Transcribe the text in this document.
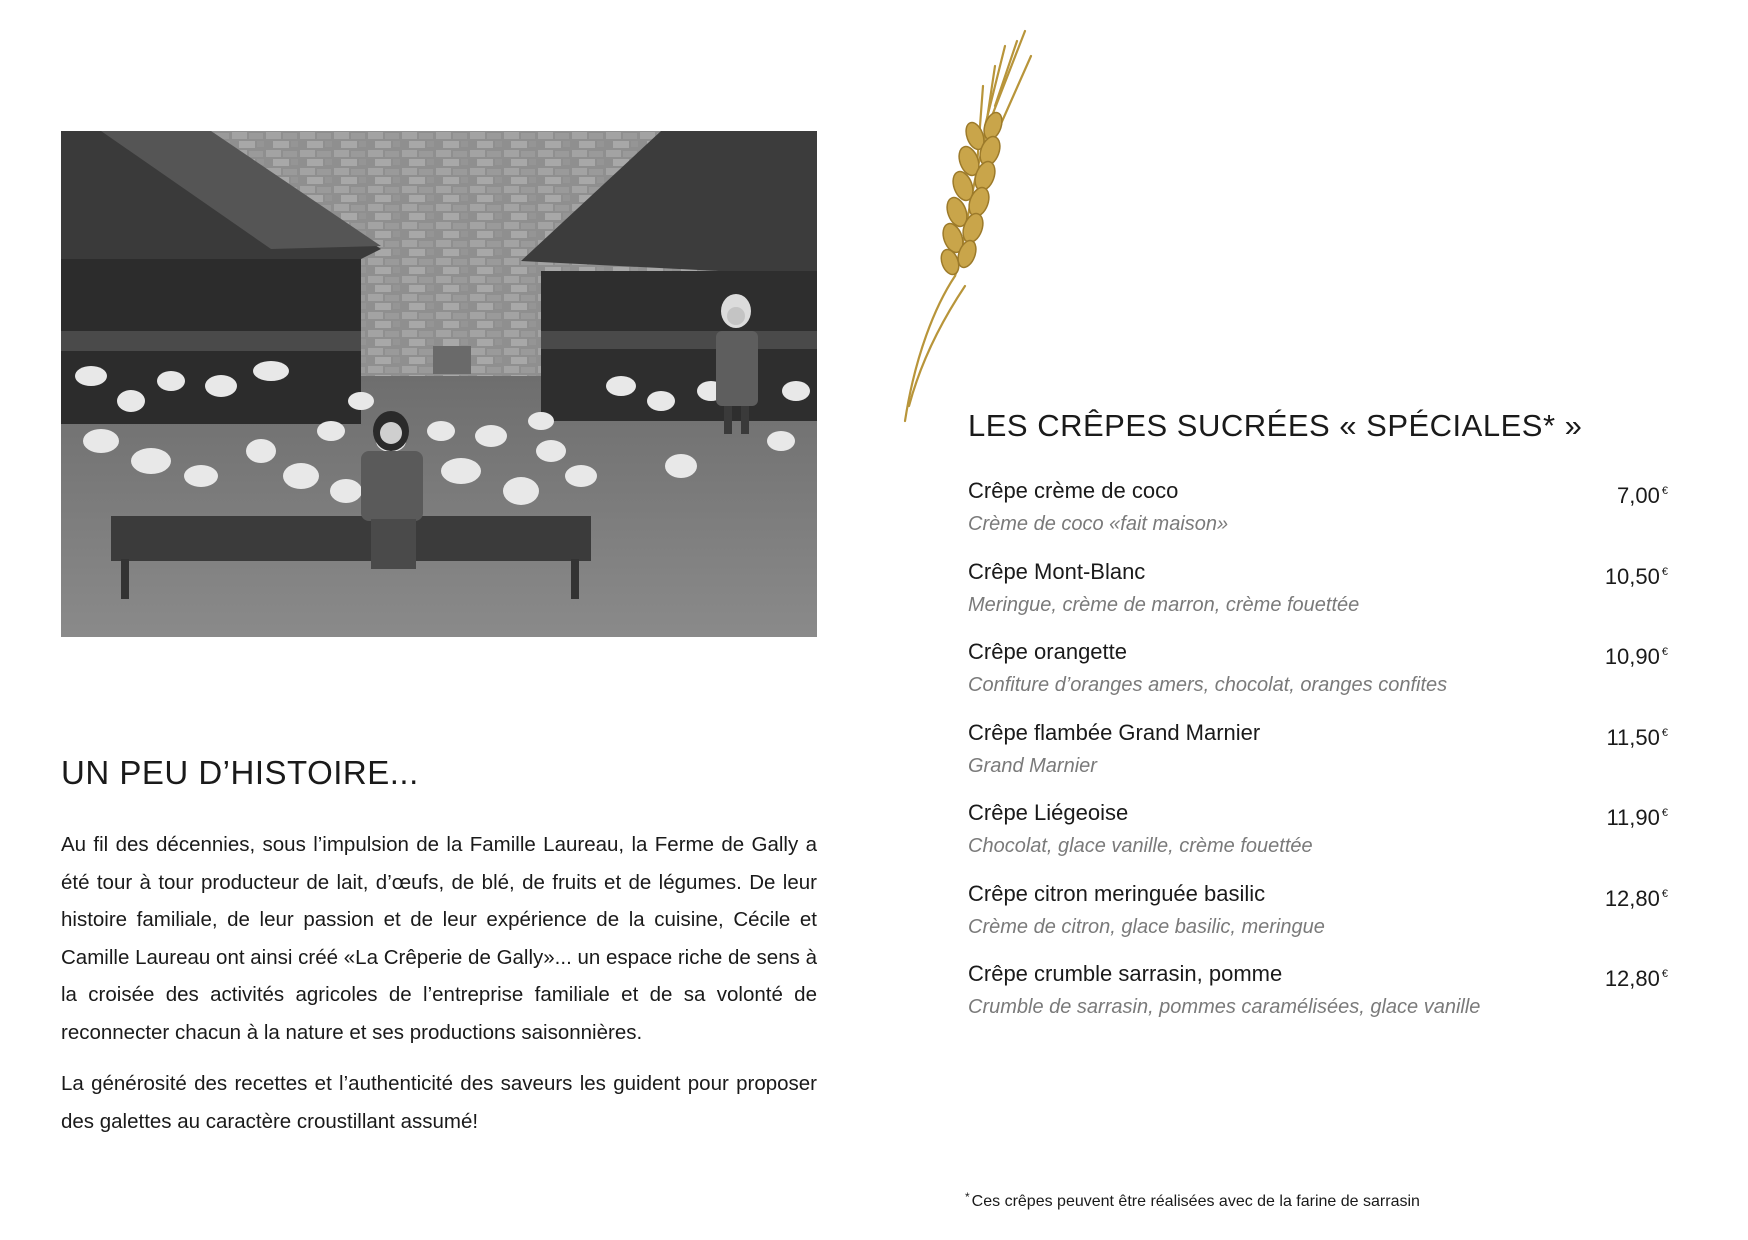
UN PEU D’HISTOIRE...

Au fil des décennies, sous l’impulsion de la Famille Laureau, la Ferme de Gally a été tour à tour producteur de lait, d’œufs, de blé, de fruits et de légumes. De leur histoire familiale, de leur passion et de leur expérience de la cuisine, Cécile et Camille Laureau ont ainsi créé «La Crêperie de Gally»... un espace riche de sens à la croisée des activités agricoles de l’entreprise familiale et de sa volonté de reconnecter chacun à la nature et ses productions saisonnières.

La générosité des recettes et l’authenticité des saveurs les guident pour proposer des galettes au caractère croustillant assumé!

LES CRÊPES SUCRÉES « SPÉCIALES* »
Crêpe crème de coco
Crème de coco «fait maison»
7,00 €
Crêpe Mont-Blanc
Meringue, crème de marron, crème fouettée
10,50 €
Crêpe orangette
Confiture d’oranges amers, chocolat, oranges confites
10,90 €
Crêpe flambée Grand Marnier
Grand Marnier
11,50 €
Crêpe Liégeoise
Chocolat, glace vanille, crème fouettée
11,90 €
Crêpe citron meringuée basilic
Crème de citron, glace basilic, meringue
12,80 €
Crêpe crumble sarrasin, pomme
Crumble de sarrasin, pommes caramélisées, glace vanille
12,80 €
* Ces crêpes peuvent être réalisées avec de la farine de sarrasin
